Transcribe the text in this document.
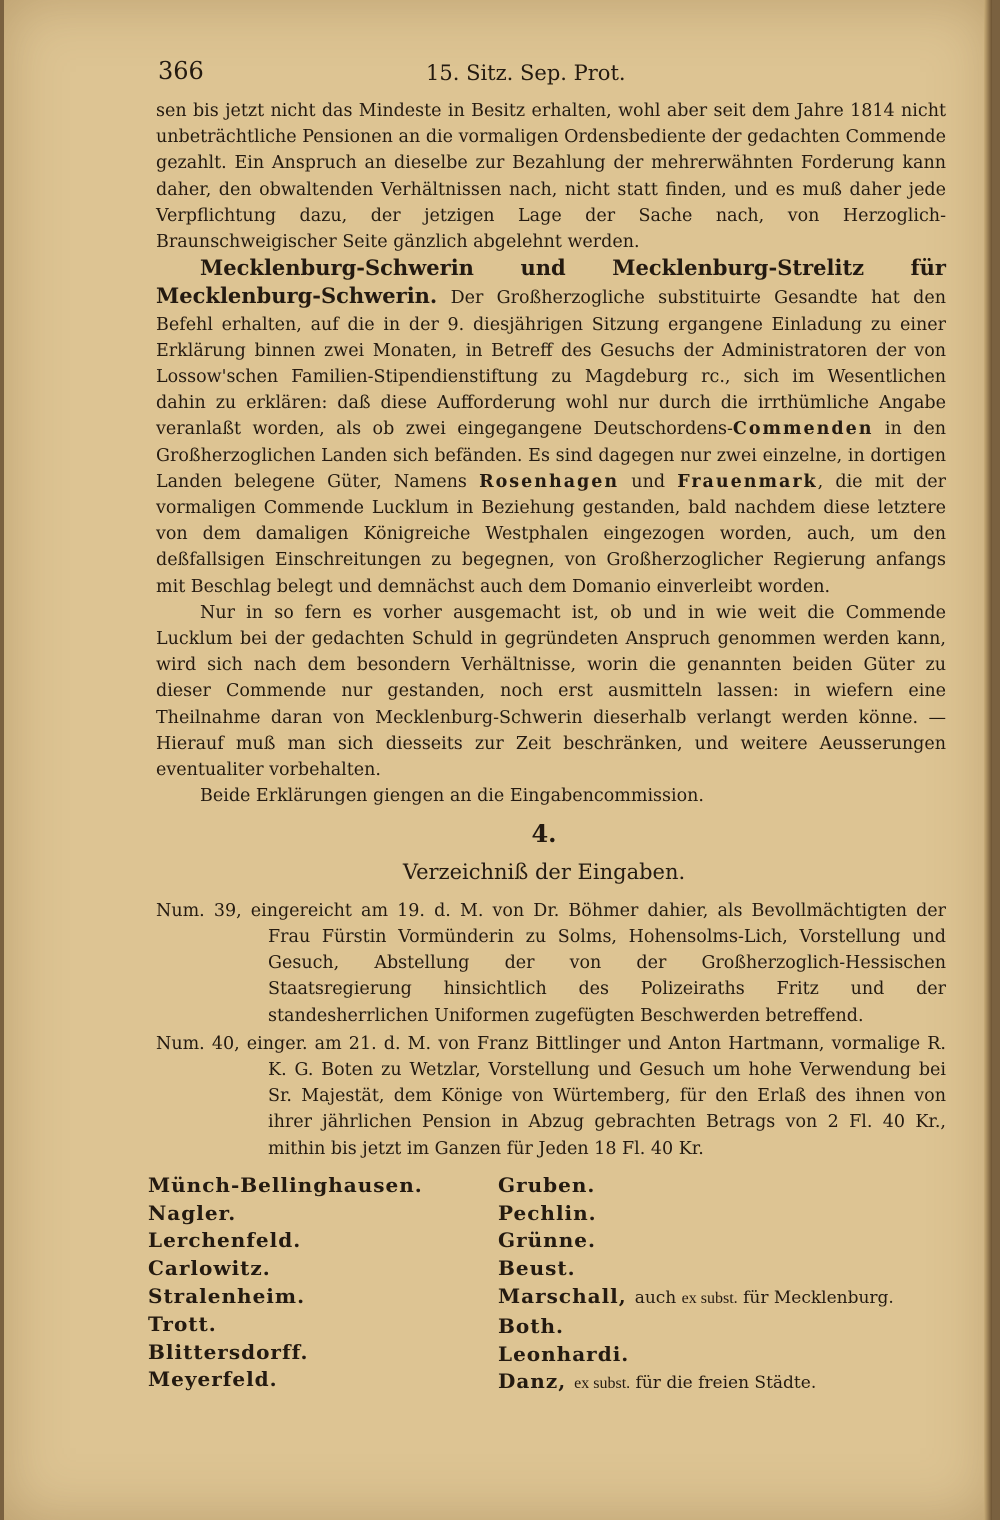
366	15. Sitz. Sep. Prot.

sen bis jetzt nicht das Mindeste in Besitz erhalten, wohl aber seit dem Jahre 1814 nicht unbeträchtliche Pensionen an die vormaligen Ordensbediente der gedachten Commende gezahlt. Ein Anspruch an dieselbe zur Bezahlung der mehrerwähnten Forderung kann daher, den obwaltenden Verhältnissen nach, nicht statt finden, und es muß daher jede Verpflichtung dazu, der jetzigen Lage der Sache nach, von Herzoglich-Braunschweigischer Seite gänzlich abgelehnt werden.

Mecklenburg-Schwerin und Mecklenburg-Strelitz für Mecklenburg-Schwerin. Der Großherzogliche substituirte Gesandte hat den Befehl erhalten, auf die in der 9. diesjährigen Sitzung ergangene Einladung zu einer Erklärung binnen zwei Monaten, in Betreff des Gesuchs der Administratoren der von Lossow'schen Familien-Stipendienstiftung zu Magdeburg rc., sich im Wesentlichen dahin zu erklären: daß diese Aufforderung wohl nur durch die irrthümliche Angabe veranlaßt worden, als ob zwei eingegangene Deutschordens-Commenden in den Großherzoglichen Landen sich befänden. Es sind dagegen nur zwei einzelne, in dortigen Landen belegene Güter, Namens Rosenhagen und Frauenmark, die mit der vormaligen Commende Lucklum in Beziehung gestanden, bald nachdem diese letztere von dem damaligen Königreiche Westphalen eingezogen worden, auch, um den deßfallsigen Einschreitungen zu begegnen, von Großherzoglicher Regierung anfangs mit Beschlag belegt und demnächst auch dem Domanio einverleibt worden.

Nur in so fern es vorher ausgemacht ist, ob und in wie weit die Commende Lucklum bei der gedachten Schuld in gegründeten Anspruch genommen werden kann, wird sich nach dem besondern Verhältnisse, worin die genannten beiden Güter zu dieser Commende nur gestanden, noch erst ausmitteln lassen: in wiefern eine Theilnahme daran von Mecklenburg-Schwerin dieserhalb verlangt werden könne. — Hierauf muß man sich diesseits zur Zeit beschränken, und weitere Aeusserungen eventualiter vorbehalten.

Beide Erklärungen giengen an die Eingabencommission.

4.
Verzeichniß der Eingaben.

Num. 39, eingereicht am 19. d. M. von Dr. Böhmer dahier, als Bevollmächtigten der Frau Fürstin Vormünderin zu Solms, Hohensolms-Lich, Vorstellung und Gesuch, Abstellung der von der Großherzoglich-Hessischen Staatsregierung hinsichtlich des Polizeiraths Fritz und der standesherrlichen Uniformen zugefügten Beschwerden betreffend.

Num. 40, einger. am 21. d. M. von Franz Bittlinger und Anton Hartmann, vormalige R. K. G. Boten zu Wetzlar, Vorstellung und Gesuch um hohe Verwendung bei Sr. Majestät, dem Könige von Würtemberg, für den Erlaß des ihnen von ihrer jährlichen Pension in Abzug gebrachten Betrags von 2 Fl. 40 Kr., mithin bis jetzt im Ganzen für Jeden 18 Fl. 40 Kr.

Münch-Bellinghausen.
Nagler.
Lerchenfeld.
Carlowitz.
Stralenheim.
Trott.
Blittersdorff.
Meyerfeld.
Gruben.
Pechlin.
Grünne.
Beust.
Marschall, auch ex subst. für Mecklenburg.
Both.
Leonhardi.
Danz, ex subst. für die freien Städte.
